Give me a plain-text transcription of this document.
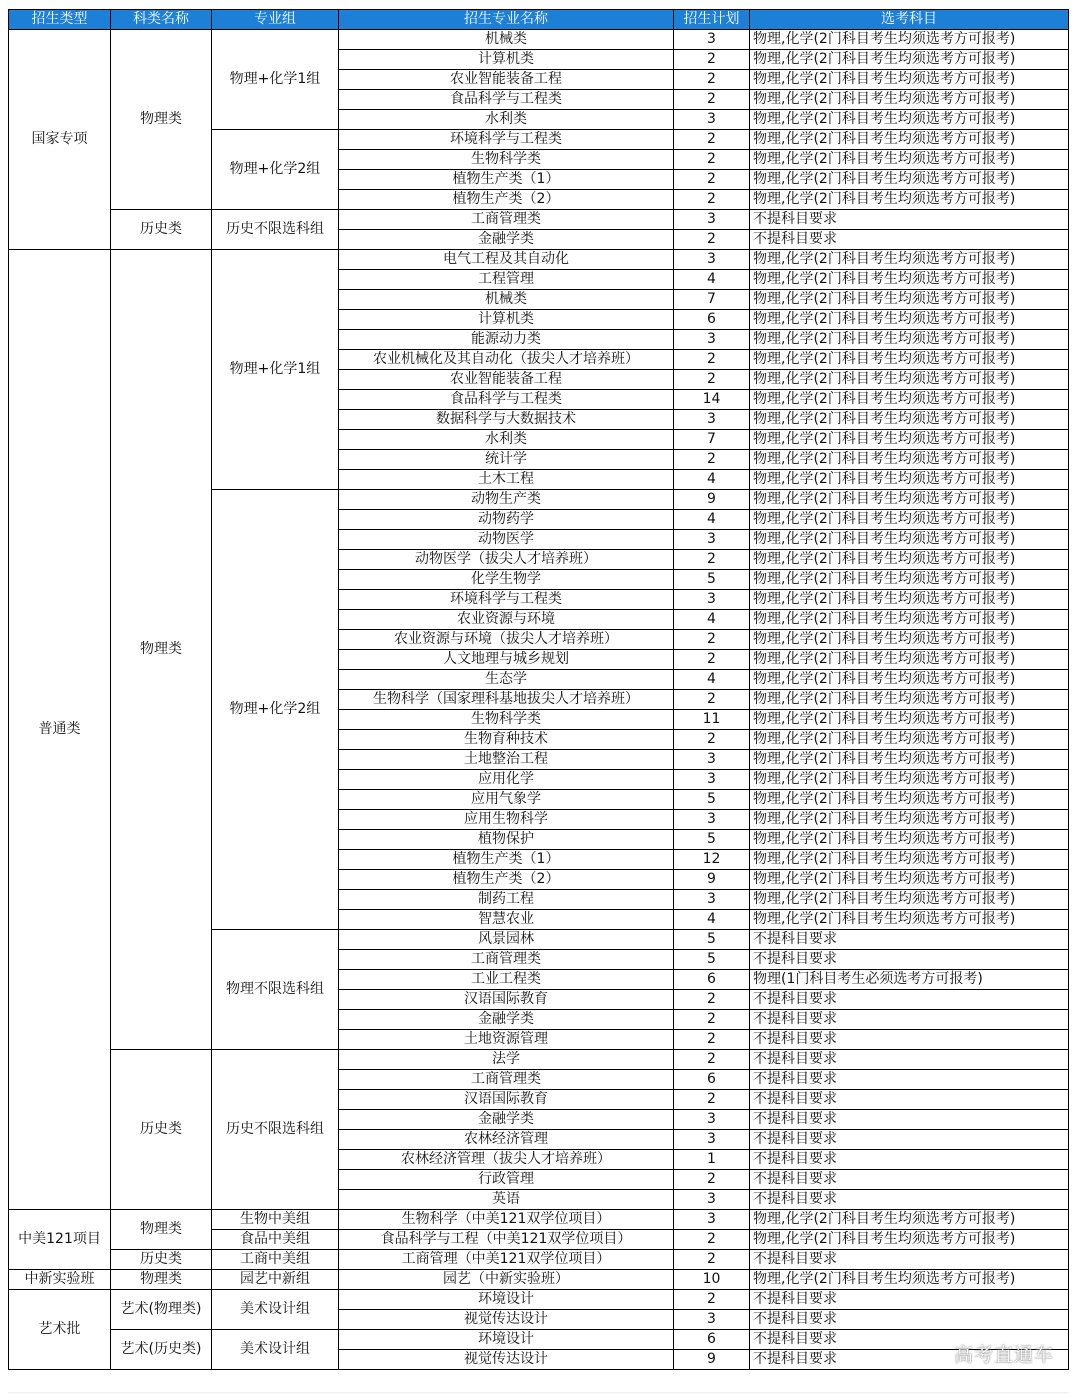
招生类型	科类名称	专业组	招生专业名称	招生计划	选考科目
国家专项	物理类	物理+化学1组	机械类	3	物理,化学(2门科目考生均须选考方可报考)
			计算机类	2	物理,化学(2门科目考生均须选考方可报考)
			农业智能装备工程	2	物理,化学(2门科目考生均须选考方可报考)
			食品科学与工程类	2	物理,化学(2门科目考生均须选考方可报考)
			水利类	3	物理,化学(2门科目考生均须选考方可报考)
		物理+化学2组	环境科学与工程类	2	物理,化学(2门科目考生均须选考方可报考)
			生物科学类	2	物理,化学(2门科目考生均须选考方可报考)
			植物生产类（1）	2	物理,化学(2门科目考生均须选考方可报考)
			植物生产类（2）	2	物理,化学(2门科目考生均须选考方可报考)
	历史类	历史不限选科组	工商管理类	3	不提科目要求
			金融学类	2	不提科目要求
普通类	物理类	物理+化学1组	电气工程及其自动化	3	物理,化学(2门科目考生均须选考方可报考)
			工程管理	4	物理,化学(2门科目考生均须选考方可报考)
			机械类	7	物理,化学(2门科目考生均须选考方可报考)
			计算机类	6	物理,化学(2门科目考生均须选考方可报考)
			能源动力类	3	物理,化学(2门科目考生均须选考方可报考)
			农业机械化及其自动化（拔尖人才培养班）	2	物理,化学(2门科目考生均须选考方可报考)
			农业智能装备工程	2	物理,化学(2门科目考生均须选考方可报考)
			食品科学与工程类	14	物理,化学(2门科目考生均须选考方可报考)
			数据科学与大数据技术	3	物理,化学(2门科目考生均须选考方可报考)
			水利类	7	物理,化学(2门科目考生均须选考方可报考)
			统计学	2	物理,化学(2门科目考生均须选考方可报考)
			土木工程	4	物理,化学(2门科目考生均须选考方可报考)
		物理+化学2组	动物生产类	9	物理,化学(2门科目考生均须选考方可报考)
			动物药学	4	物理,化学(2门科目考生均须选考方可报考)
			动物医学	3	物理,化学(2门科目考生均须选考方可报考)
			动物医学（拔尖人才培养班）	2	物理,化学(2门科目考生均须选考方可报考)
			化学生物学	5	物理,化学(2门科目考生均须选考方可报考)
			环境科学与工程类	3	物理,化学(2门科目考生均须选考方可报考)
			农业资源与环境	4	物理,化学(2门科目考生均须选考方可报考)
			农业资源与环境（拔尖人才培养班）	2	物理,化学(2门科目考生均须选考方可报考)
			人文地理与城乡规划	2	物理,化学(2门科目考生均须选考方可报考)
			生态学	4	物理,化学(2门科目考生均须选考方可报考)
			生物科学（国家理科基地拔尖人才培养班）	2	物理,化学(2门科目考生均须选考方可报考)
			生物科学类	11	物理,化学(2门科目考生均须选考方可报考)
			生物育种技术	2	物理,化学(2门科目考生均须选考方可报考)
			土地整治工程	3	物理,化学(2门科目考生均须选考方可报考)
			应用化学	3	物理,化学(2门科目考生均须选考方可报考)
			应用气象学	5	物理,化学(2门科目考生均须选考方可报考)
			应用生物科学	3	物理,化学(2门科目考生均须选考方可报考)
			植物保护	5	物理,化学(2门科目考生均须选考方可报考)
			植物生产类（1）	12	物理,化学(2门科目考生均须选考方可报考)
			植物生产类（2）	9	物理,化学(2门科目考生均须选考方可报考)
			制药工程	3	物理,化学(2门科目考生均须选考方可报考)
			智慧农业	4	物理,化学(2门科目考生均须选考方可报考)
		物理不限选科组	风景园林	5	不提科目要求
			工商管理类	5	不提科目要求
			工业工程类	6	物理(1门科目考生必须选考方可报考)
			汉语国际教育	2	不提科目要求
			金融学类	2	不提科目要求
			土地资源管理	2	不提科目要求
	历史类	历史不限选科组	法学	2	不提科目要求
			工商管理类	6	不提科目要求
			汉语国际教育	2	不提科目要求
			金融学类	3	不提科目要求
			农林经济管理	3	不提科目要求
			农林经济管理（拔尖人才培养班）	1	不提科目要求
			行政管理	2	不提科目要求
			英语	3	不提科目要求
中美121项目	物理类	生物中美组	生物科学（中美121双学位项目）	3	物理,化学(2门科目考生均须选考方可报考)
		食品中美组	食品科学与工程（中美121双学位项目）	2	物理,化学(2门科目考生均须选考方可报考)
	历史类	工商中美组	工商管理（中美121双学位项目）	2	不提科目要求
中新实验班	物理类	园艺中新组	园艺（中新实验班）	10	物理,化学(2门科目考生均须选考方可报考)
艺术批	艺术(物理类)	美术设计组	环境设计	2	不提科目要求
			视觉传达设计	3	不提科目要求
	艺术(历史类)	美术设计组	环境设计	6	不提科目要求
			视觉传达设计	9	不提科目要求	高考直通车
